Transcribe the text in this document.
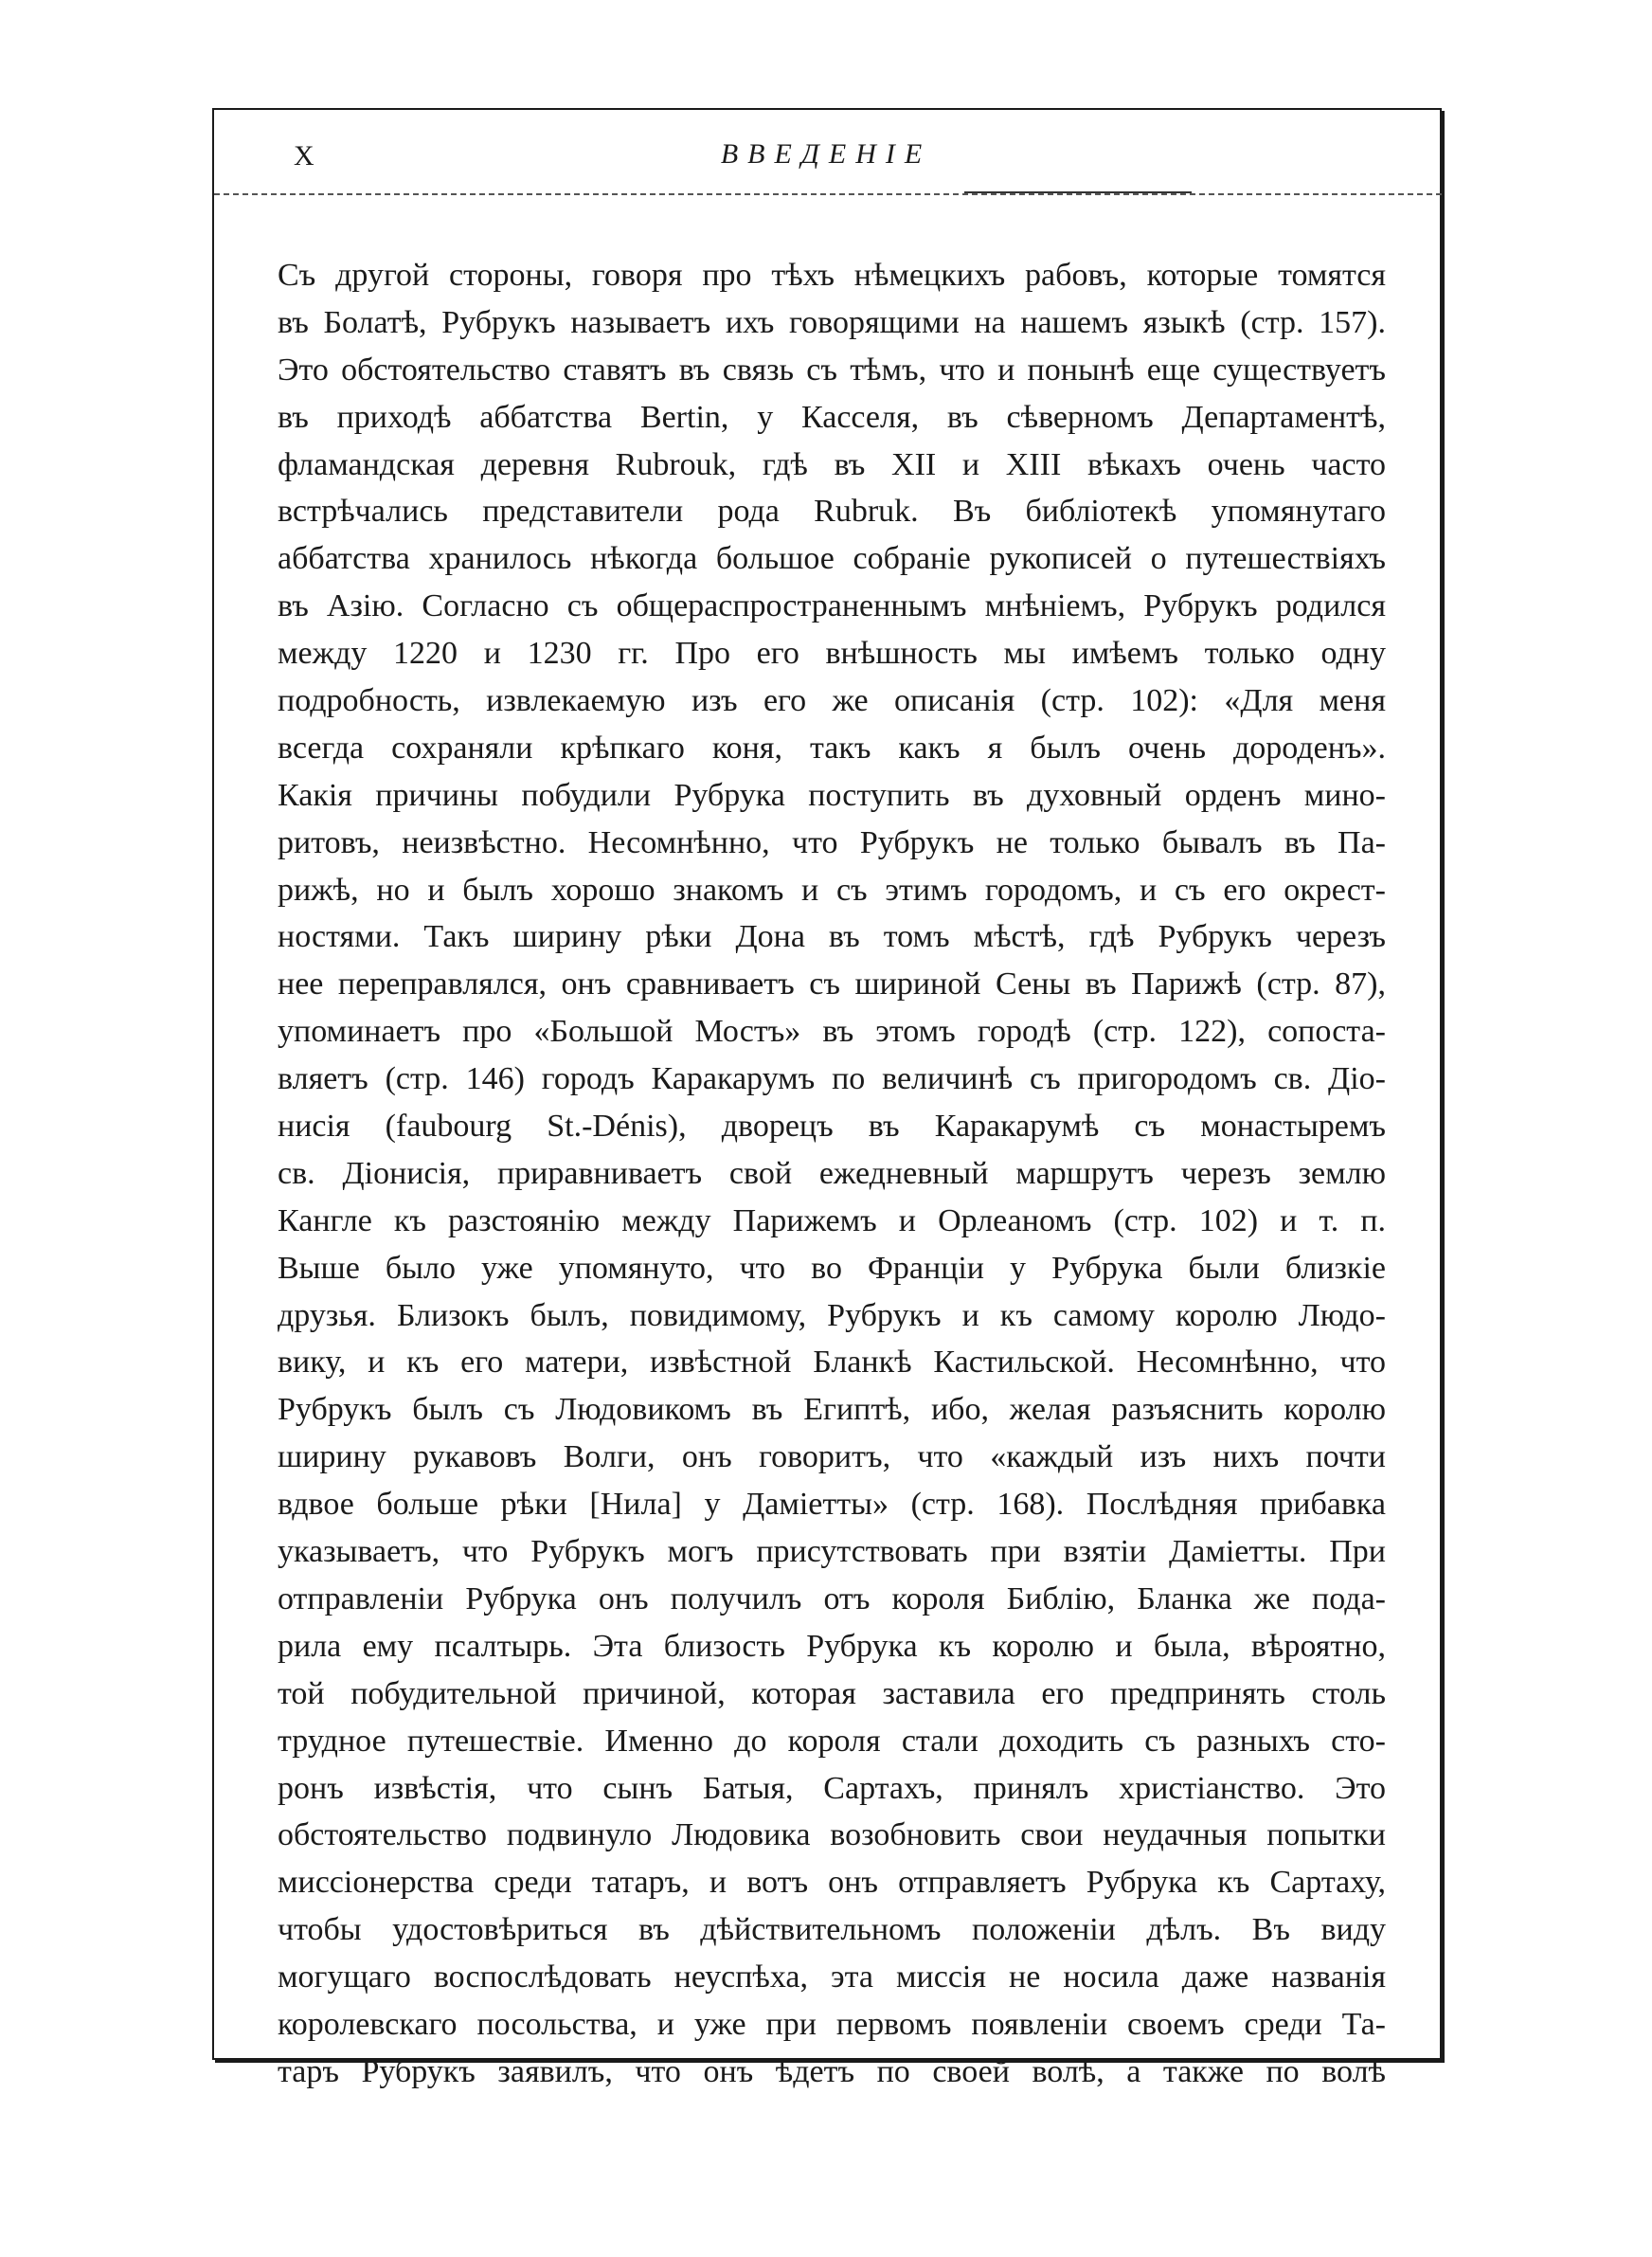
X	ВВЕДЕНІЕ
Съ другой стороны, говоря про тѣхъ нѣмецкихъ рабовъ, которые томятся
въ Болатѣ, Рубрукъ называетъ ихъ говорящими на нашемъ языкѣ (стр. 157).
Это обстоятельство ставятъ въ связь съ тѣмъ, что и понынѣ еще существуетъ
въ приходѣ аббатства Bertin, у Касселя, въ сѣверномъ Департаментѣ,
фламандская деревня Rubrouk, гдѣ въ XII и XIII вѣкахъ очень часто
встрѣчались представители рода Rubruk. Въ библіотекѣ упомянутаго
аббатства хранилось нѣкогда большое собраніе рукописей о путешествіяхъ
въ Азію. Согласно съ общераспространеннымъ мнѣніемъ, Рубрукъ родился
между 1220 и 1230 гг. Про его внѣшность мы имѣемъ только одну
подробность, извлекаемую изъ его же описанія (стр. 102): «Для меня
всегда сохраняли крѣпкаго коня, такъ какъ я былъ очень дороденъ».
Какія причины побудили Рубрука поступить въ духовный орденъ мино-
ритовъ, неизвѣстно. Несомнѣнно, что Рубрукъ не только бывалъ въ Па-
рижѣ, но и былъ хорошо знакомъ и съ этимъ городомъ, и съ его окрест-
ностями. Такъ ширину рѣки Дона въ томъ мѣстѣ, гдѣ Рубрукъ черезъ
нее переправлялся, онъ сравниваетъ съ шириной Сены въ Парижѣ (стр. 87),
упоминаетъ про «Большой Мостъ» въ этомъ городѣ (стр. 122), сопоста-
вляетъ (стр. 146) городъ Каракарумъ по величинѣ съ пригородомъ св. Діо-
нисія (faubourg St.-Dénis), дворецъ въ Каракарумѣ съ монастыремъ
св. Діонисія, приравниваетъ свой ежедневный маршрутъ черезъ землю
Кангле къ разстоянію между Парижемъ и Орлеаномъ (стр. 102) и т. п.
Выше было уже упомянуто, что во Франціи у Рубрука были близкіе
друзья. Близокъ былъ, повидимому, Рубрукъ и къ самому королю Людо-
вику, и къ его матери, извѣстной Бланкѣ Кастильской. Несомнѣнно, что
Рубрукъ былъ съ Людовикомъ въ Египтѣ, ибо, желая разъяснить королю
ширину рукавовъ Волги, онъ говоритъ, что «каждый изъ нихъ почти
вдвое больше рѣки [Нила] у Даміетты» (стр. 168). Послѣдняя прибавка
указываетъ, что Рубрукъ могъ присутствовать при взятіи Даміетты. При
отправленіи Рубрука онъ получилъ отъ короля Библію, Бланка же пода-
рила ему псалтырь. Эта близость Рубрука къ королю и была, вѣроятно,
той побудительной причиной, которая заставила его предпринять столь
трудное путешествіе. Именно до короля стали доходить съ разныхъ сто-
ронъ извѣстія, что сынъ Батыя, Сартахъ, принялъ христіанство. Это
обстоятельство подвинуло Людовика возобновить свои неудачныя попытки
миссіонерства среди татаръ, и вотъ онъ отправляетъ Рубрука къ Сартаху,
чтобы удостовѣриться въ дѣйствительномъ положеніи дѣлъ. Въ виду
могущаго воспослѣдовать неуспѣха, эта миссія не носила даже названія
королевскаго посольства, и уже при первомъ появленіи своемъ среди Та-
таръ Рубрукъ заявилъ, что онъ ѣдетъ по своей волѣ, а также по волѣ
